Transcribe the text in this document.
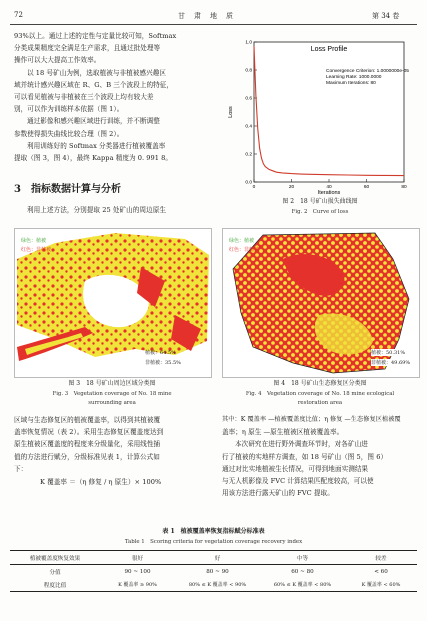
72	甘　肃　地　质	第 34 卷
93%以上。通过上述的定性与定量比较可知，Softmax
分类成果精度完全满足生产需求，且通过批处理等
操作可以大大提高工作效率。
以 18 号矿山为例，选取植被与非植被感兴趣区
域并统计感兴趣区域在 R、G、B 三个波段上的特征，
可以看见植被与非植被在三个波段上均有较大差
别，可以作为训练样本依据（图 1）。
通过影像和感兴趣区域进行训练，并不断调整
参数使得损失曲线比较合理（图 2）。
利用训练好的 Softmax 分类器进行植被覆盖率
提取（图 3，图 4），最终 Kappa 精度为 0. 991 8。
3　指标数据计算与分析
利用上述方法，分别提取 25 处矿山的周边原生
Loss Profile
Convergence Criterion: 1.0000000e-05
Learning Rate: 1000.0000
Maximum Iterations: 80
Iterations
Loss
0	20	40	60	80
0.0
0.2
0.4
0.6
0.8
1.0
图 2　18 号矿山损失曲线图
Fig. 2　Curve of loss
绿色：植被
红色：非植被
植被：64.5%
非植被：35.5%
图 3　18 号矿山周边区域分类图
Fig. 3　Vegetation coverage of No. 18 mine
surrounding area
绿色：植被
红色：非植被
植被：50.31%
非植被：49.69%
图 4　18 号矿山生态修复区分类图
Fig. 4　Vegetation coverage of No. 18 mine ecological
restoration area
区域与生态修复区的植被覆盖率，以得到其植被覆
盖率恢复情况（表 2）。采用生态修复区覆盖度达到
原生植被区覆盖度的程度来分级量化，采用线性插
值的方法进行赋分，分级标准见表 1，计算公式如
下：
K 覆盖率 ＝（η 修复 / η 原生）× 100%
其中：K 覆盖率 —植被覆盖度比值；η 修复 —生态修复区植被覆
盖率；η 原生 —原生植被区植被覆盖率。
本次研究在进行野外调查环节时，对各矿山进
行了植被的实地样方调查，如 18 号矿山（图 5，图 6）
通过对比实地植被生长情况，可得到地面实测结果
与无人机影像及 FVC 计算结果匹配度较高，可以使
用该方法进行露天矿山的 FVC 提取。
表 1　植被覆盖率恢复指标赋分标准表
Table 1　Scoring criteria for vegetation coverage recovery index
植被覆盖度恢复效果	很好	好	中等	较差
分值	90 ~ 100	80 ~ 90	60 ~ 80	< 60
程度比值	K 覆盖率 ≥ 90%	80% ≤ K 覆盖率 < 90%	60% ≤ K 覆盖率 < 80%	K 覆盖率 < 60%
